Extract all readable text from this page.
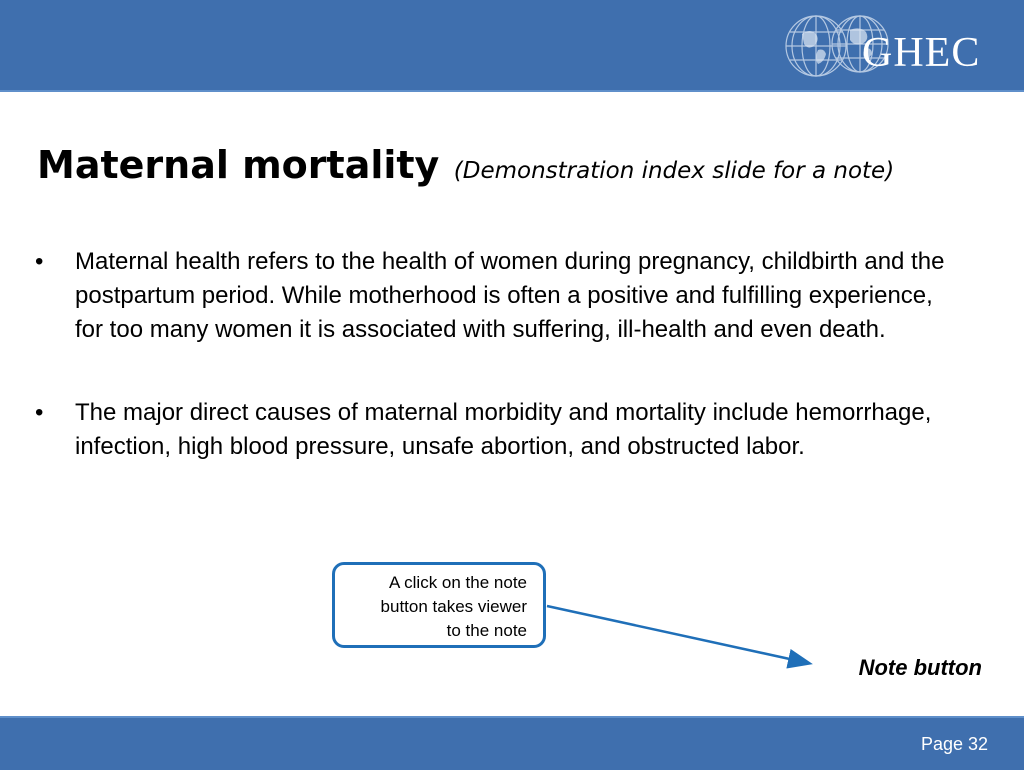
GHEC
Maternal mortality (Demonstration index slide for a note)
• Maternal health refers to the health of women during pregnancy, childbirth and the postpartum period. While motherhood is often a positive and fulfilling experience, for too many women it is associated with suffering, ill-health and even death.
• The major direct causes of maternal morbidity and mortality include hemorrhage, infection, high blood pressure, unsafe abortion, and obstructed labor.
A click on the note
button takes viewer
to the note
Note button
Page 32
